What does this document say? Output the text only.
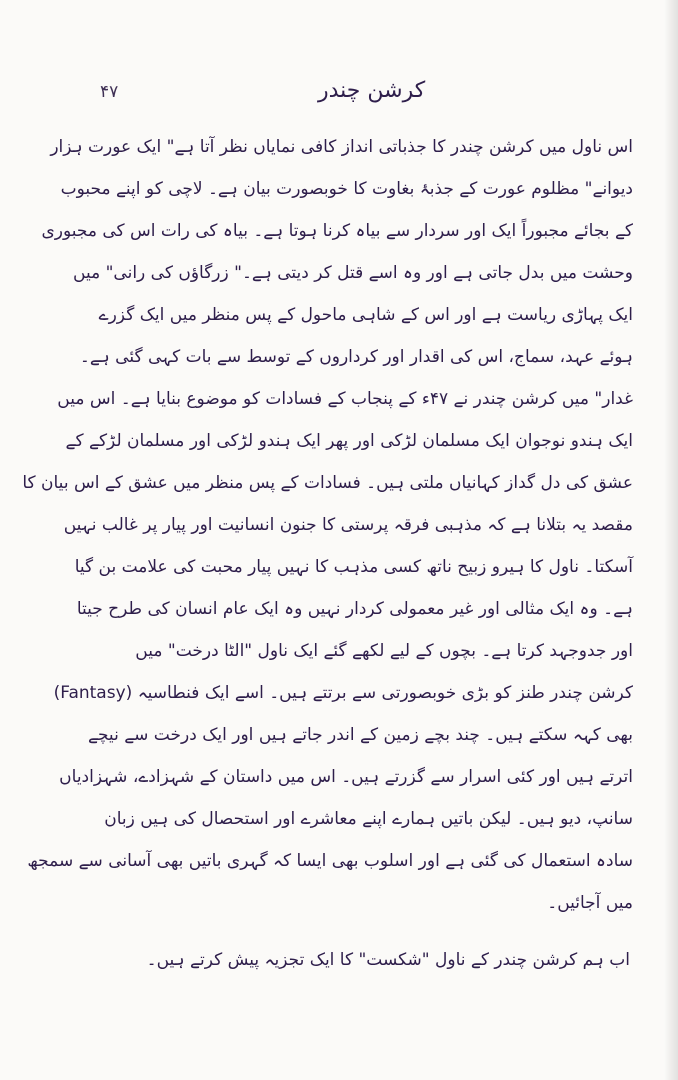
۴۷	کرشن چندر
اس ناول میں کرشن چندر کا جذباتی انداز کافی نمایاں نظر آتا ہے" ایک عورت ہزار
دیوانے" مظلوم عورت کے جذبۂ بغاوت کا خوبصورت بیان ہے۔ لاچی کو اپنے محبوب
کے بجائے مجبوراً ایک اور سردار سے بیاہ کرنا ہوتا ہے۔ بیاہ کی رات اس کی مجبوری
وحشت میں بدل جاتی ہے اور وہ اسے قتل کر دیتی ہے۔" زرگاؤں کی رانی" میں
ایک پہاڑی ریاست ہے اور اس کے شاہی ماحول کے پس منظر میں ایک گزرے
ہوئے عہد، سماج، اس کی اقدار اور کرداروں کے توسط سے بات کہی گئی ہے۔
غدار" میں کرشن چندر نے ۴۷ء کے پنجاب کے فسادات کو موضوع بنایا ہے۔ اس میں
ایک ہندو نوجوان ایک مسلمان لڑکی اور پھر ایک ہندو لڑکی اور مسلمان لڑکے کے
عشق کی دل گداز کہانیاں ملتی ہیں۔ فسادات کے پس منظر میں عشق کے اس بیان کا
مقصد یہ بتلانا ہے کہ مذہبی فرقہ پرستی کا جنون انسانیت اور پیار پر غالب نہیں
آسکتا۔ ناول کا ہیرو زبیح ناتھ کسی مذہب کا نہیں پیار محبت کی علامت بن گیا
ہے۔ وہ ایک مثالی اور غیر معمولی کردار نہیں وہ ایک عام انسان کی طرح جیتا
اور جدوجہد کرتا ہے۔ بچوں کے لیے لکھے گئے ایک ناول "الٹا درخت" میں
کرشن چندر طنز کو بڑی خوبصورتی سے برتتے ہیں۔ اسے ایک فنطاسیہ (Fantasy)
بھی کہہ سکتے ہیں۔ چند بچے زمین کے اندر جاتے ہیں اور ایک درخت سے نیچے
اترتے ہیں اور کئی اسرار سے گزرتے ہیں۔ اس میں داستان کے شہزادے، شہزادیاں
سانپ، دیو ہیں۔ لیکن باتیں ہمارے اپنے معاشرے اور استحصال کی ہیں زبان
سادہ استعمال کی گئی ہے اور اسلوب بھی ایسا کہ گہری باتیں بھی آسانی سے سمجھ
میں آجائیں۔
اب ہم کرشن چندر کے ناول "شکست" کا ایک تجزیہ پیش کرتے ہیں۔
